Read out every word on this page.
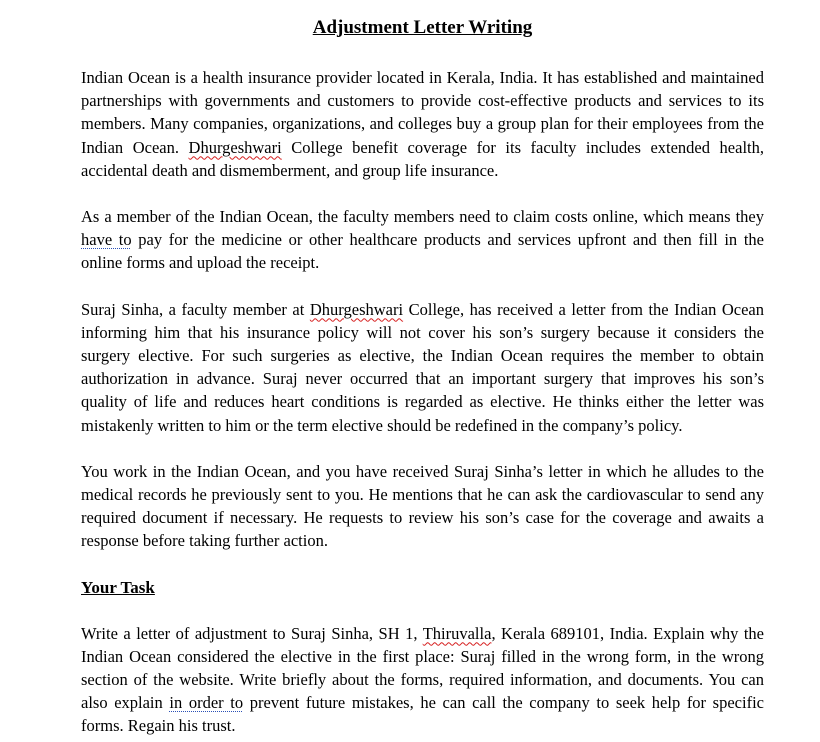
Adjustment Letter Writing

Indian Ocean is a health insurance provider located in Kerala, India. It has established and maintained partnerships with governments and customers to provide cost-effective products and services to its members. Many companies, organizations, and colleges buy a group plan for their employees from the Indian Ocean. Dhurgeshwari College benefit coverage for its faculty includes extended health, accidental death and dismemberment, and group life insurance.

As a member of the Indian Ocean, the faculty members need to claim costs online, which means they have to pay for the medicine or other healthcare products and services upfront and then fill in the online forms and upload the receipt.

Suraj Sinha, a faculty member at Dhurgeshwari College, has received a letter from the Indian Ocean informing him that his insurance policy will not cover his son’s surgery because it considers the surgery elective. For such surgeries as elective, the Indian Ocean requires the member to obtain authorization in advance. Suraj never occurred that an important surgery that improves his son’s quality of life and reduces heart conditions is regarded as elective. He thinks either the letter was mistakenly written to him or the term elective should be redefined in the company’s policy.

You work in the Indian Ocean, and you have received Suraj Sinha’s letter in which he alludes to the medical records he previously sent to you. He mentions that he can ask the cardiovascular to send any required document if necessary. He requests to review his son’s case for the coverage and awaits a response before taking further action.

Your Task

Write a letter of adjustment to Suraj Sinha, SH 1, Thiruvalla, Kerala 689101, India. Explain why the Indian Ocean considered the elective in the first place: Suraj filled in the wrong form, in the wrong section of the website. Write briefly about the forms, required information, and documents. You can also explain in order to prevent future mistakes, he can call the company to seek help for specific forms. Regain his trust.
